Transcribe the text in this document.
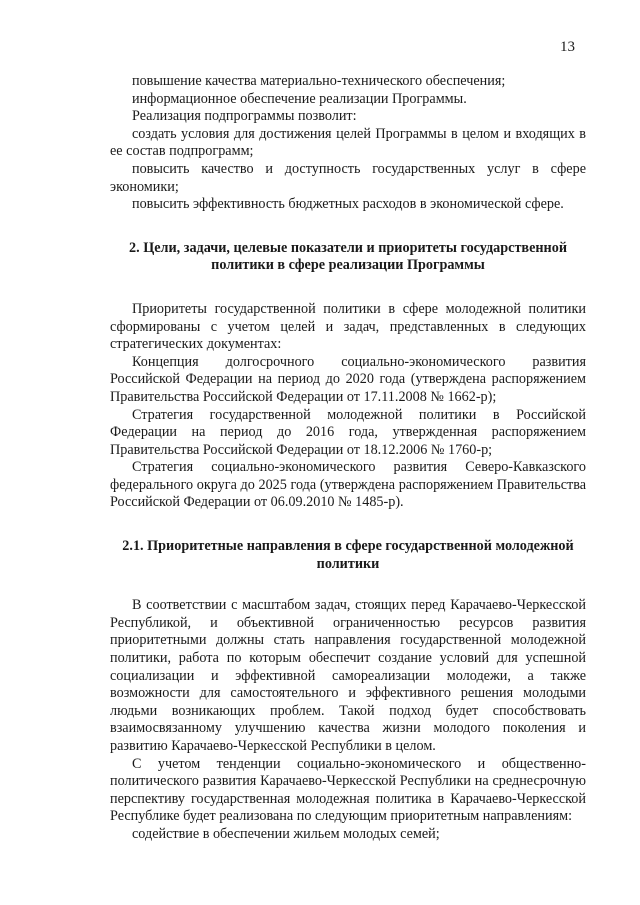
13

повышение качества материально-технического обеспечения;

информационное обеспечение реализации Программы.

Реализация подпрограммы позволит:

создать условия для достижения целей Программы в целом и входящих в ее состав подпрограмм;

повысить качество и доступность государственных услуг в сфере экономики;

повысить эффективность бюджетных расходов в экономической сфере.

2. Цели, задачи, целевые показатели и приоритеты государственной политики в сфере реализации Программы

Приоритеты государственной политики в сфере молодежной политики сформированы с учетом целей и задач, представленных в следующих стратегических документах:

Концепция долгосрочного социально-экономического развития Российской Федерации на период до 2020 года (утверждена распоряжением Правительства Российской Федерации от 17.11.2008 № 1662-р);

Стратегия государственной молодежной политики в Российской Федерации на период до 2016 года, утвержденная распоряжением Правительства Российской Федерации от 18.12.2006 № 1760-р;

Стратегия социально-экономического развития Северо-Кавказского федерального округа до 2025 года (утверждена распоряжением Правительства Российской Федерации от 06.09.2010 № 1485-р).

2.1. Приоритетные направления в сфере государственной молодежной политики

В соответствии с масштабом задач, стоящих перед Карачаево-Черкесской Республикой, и объективной ограниченностью ресурсов развития приоритетными должны стать направления государственной молодежной политики, работа по которым обеспечит создание условий для успешной социализации и эффективной самореализации молодежи, а также возможности для самостоятельного и эффективного решения молодыми людьми возникающих проблем. Такой подход будет способствовать взаимосвязанному улучшению качества жизни молодого поколения и развитию Карачаево-Черкесской Республики в целом.

С учетом тенденции социально-экономического и общественно-политического развития Карачаево-Черкесской Республики на среднесрочную перспективу государственная молодежная политика в Карачаево-Черкесской Республике будет реализована по следующим приоритетным направлениям:

содействие в обеспечении жильем молодых семей;
